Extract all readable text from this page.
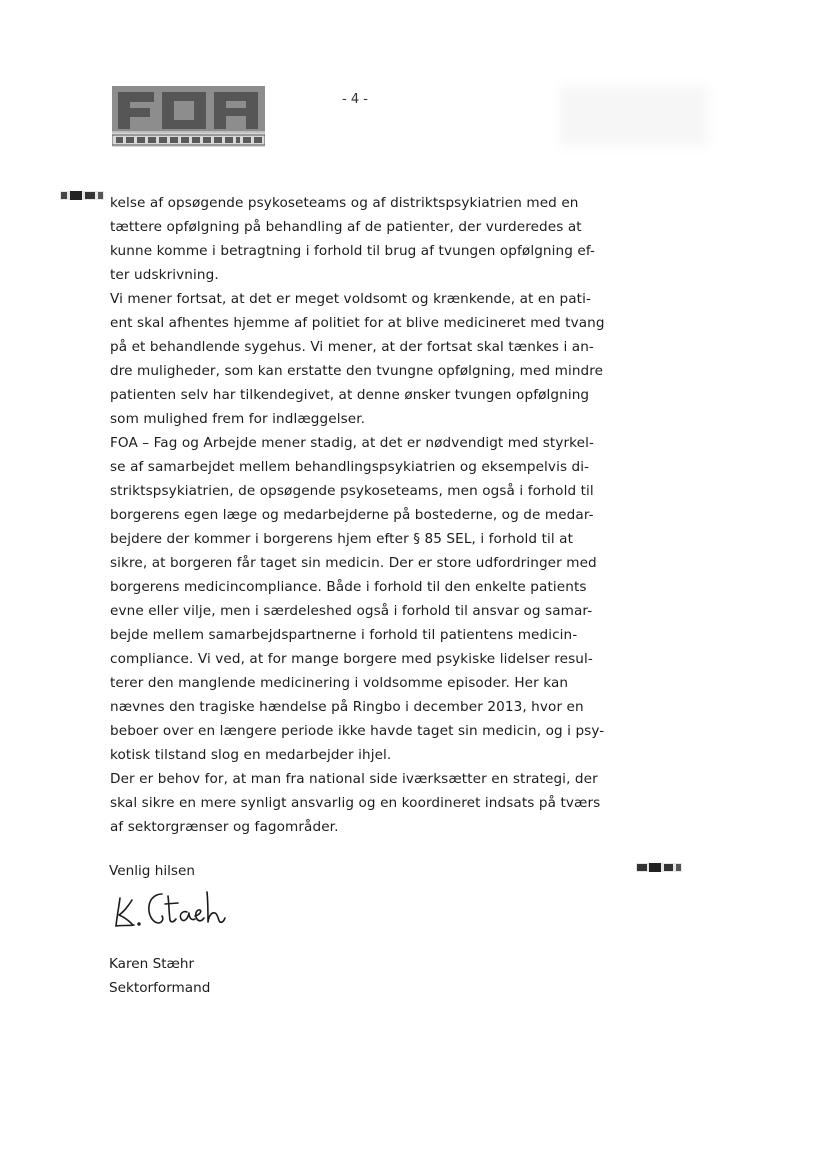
- 4 -
kelse af opsøgende psykoseteams og af distriktspsykiatrien med en
tættere opfølgning på behandling af de patienter, der vurderedes at
kunne komme i betragtning i forhold til brug af tvungen opfølgning ef-
ter udskrivning.
Vi mener fortsat, at det er meget voldsomt og krænkende, at en pati-
ent skal afhentes hjemme af politiet for at blive medicineret med tvang
på et behandlende sygehus. Vi mener, at der fortsat skal tænkes i an-
dre muligheder, som kan erstatte den tvungne opfølgning, med mindre
patienten selv har tilkendegivet, at denne ønsker tvungen opfølgning
som mulighed frem for indlæggelser.
FOA – Fag og Arbejde mener stadig, at det er nødvendigt med styrkel-
se af samarbejdet mellem behandlingspsykiatrien og eksempelvis di-
striktspsykiatrien, de opsøgende psykoseteams, men også i forhold til
borgerens egen læge og medarbejderne på bostederne, og de medar-
bejdere der kommer i borgerens hjem efter § 85 SEL, i forhold til at
sikre, at borgeren får taget sin medicin. Der er store udfordringer med
borgerens medicincompliance. Både i forhold til den enkelte patients
evne eller vilje, men i særdeleshed også i forhold til ansvar og samar-
bejde mellem samarbejdspartnerne i forhold til patientens medicin-
compliance. Vi ved, at for mange borgere med psykiske lidelser resul-
terer den manglende medicinering i voldsomme episoder. Her kan
nævnes den tragiske hændelse på Ringbo i december 2013, hvor en
beboer over en længere periode ikke havde taget sin medicin, og i psy-
kotisk tilstand slog en medarbejder ihjel.
Der er behov for, at man fra national side iværksætter en strategi, der
skal sikre en mere synligt ansvarlig og en koordineret indsats på tværs
af sektorgrænser og fagområder.
Venlig hilsen
Karen Stæhr
Sektorformand
